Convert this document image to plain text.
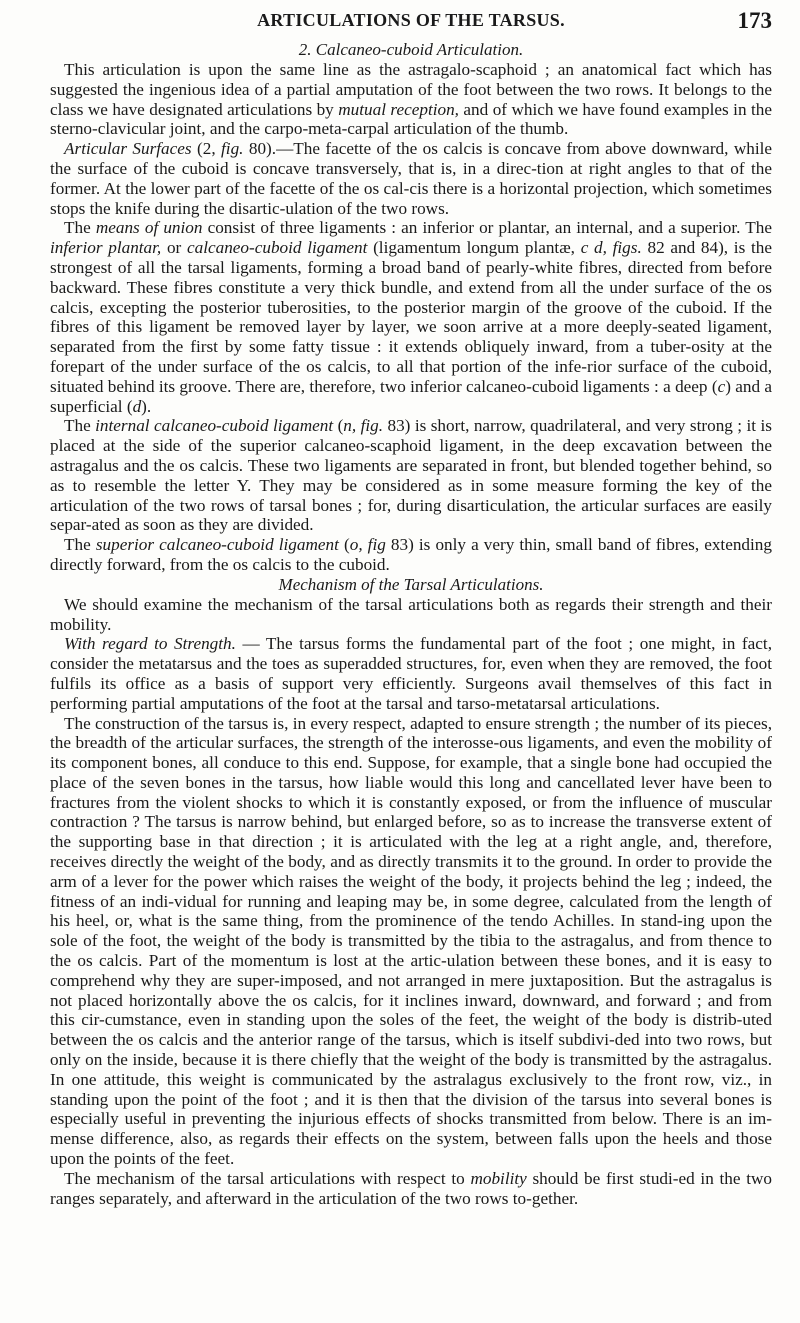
ARTICULATIONS OF THE TARSUS.	173
2. Calcaneo-cuboid Articulation.

This articulation is upon the same line as the astragalo-scaphoid ; an anatomical fact which has suggested the ingenious idea of a partial amputation of the foot between the two rows. It belongs to the class we have designated articulations by mutual reception, and of which we have found examples in the sterno-clavicular joint, and the carpo-meta-carpal articulation of the thumb.

Articular Surfaces (2, fig. 80).—The facette of the os calcis is concave from above downward, while the surface of the cuboid is concave transversely, that is, in a direc-tion at right angles to that of the former. At the lower part of the facette of the os cal-cis there is a horizontal projection, which sometimes stops the knife during the disartic-ulation of the two rows.

The means of union consist of three ligaments : an inferior or plantar, an internal, and a superior. The inferior plantar, or calcaneo-cuboid ligament (ligamentum longum plantæ, c d, figs. 82 and 84), is the strongest of all the tarsal ligaments, forming a broad band of pearly-white fibres, directed from before backward. These fibres constitute a very thick bundle, and extend from all the under surface of the os calcis, excepting the posterior tuberosities, to the posterior margin of the groove of the cuboid. If the fibres of this ligament be removed layer by layer, we soon arrive at a more deeply-seated ligament, separated from the first by some fatty tissue : it extends obliquely inward, from a tuber-osity at the forepart of the under surface of the os calcis, to all that portion of the infe-rior surface of the cuboid, situated behind its groove. There are, therefore, two inferior calcaneo-cuboid ligaments : a deep (c) and a superficial (d).

The internal calcaneo-cuboid ligament (n, fig. 83) is short, narrow, quadrilateral, and very strong ; it is placed at the side of the superior calcaneo-scaphoid ligament, in the deep excavation between the astragalus and the os calcis. These two ligaments are separated in front, but blended together behind, so as to resemble the letter Y. They may be considered as in some measure forming the key of the articulation of the two rows of tarsal bones ; for, during disarticulation, the articular surfaces are easily separ-ated as soon as they are divided.

The superior calcaneo-cuboid ligament (o, fig 83) is only a very thin, small band of fibres, extending directly forward, from the os calcis to the cuboid.

Mechanism of the Tarsal Articulations.

We should examine the mechanism of the tarsal articulations both as regards their strength and their mobility.

With regard to Strength. — The tarsus forms the fundamental part of the foot ; one might, in fact, consider the metatarsus and the toes as superadded structures, for, even when they are removed, the foot fulfils its office as a basis of support very efficiently. Surgeons avail themselves of this fact in performing partial amputations of the foot at the tarsal and tarso-metatarsal articulations.

The construction of the tarsus is, in every respect, adapted to ensure strength ; the number of its pieces, the breadth of the articular surfaces, the strength of the interosse-ous ligaments, and even the mobility of its component bones, all conduce to this end. Suppose, for example, that a single bone had occupied the place of the seven bones in the tarsus, how liable would this long and cancellated lever have been to fractures from the violent shocks to which it is constantly exposed, or from the influence of muscular contraction ? The tarsus is narrow behind, but enlarged before, so as to increase the transverse extent of the supporting base in that direction ; it is articulated with the leg at a right angle, and, therefore, receives directly the weight of the body, and as directly transmits it to the ground. In order to provide the arm of a lever for the power which raises the weight of the body, it projects behind the leg ; indeed, the fitness of an indi-vidual for running and leaping may be, in some degree, calculated from the length of his heel, or, what is the same thing, from the prominence of the tendo Achilles. In stand-ing upon the sole of the foot, the weight of the body is transmitted by the tibia to the astragalus, and from thence to the os calcis. Part of the momentum is lost at the artic-ulation between these bones, and it is easy to comprehend why they are super-imposed, and not arranged in mere juxtaposition. But the astragalus is not placed horizontally above the os calcis, for it inclines inward, downward, and forward ; and from this cir-cumstance, even in standing upon the soles of the feet, the weight of the body is distrib-uted between the os calcis and the anterior range of the tarsus, which is itself subdivi-ded into two rows, but only on the inside, because it is there chiefly that the weight of the body is transmitted by the astragalus. In one attitude, this weight is communicated by the astralagus exclusively to the front row, viz., in standing upon the point of the foot ; and it is then that the division of the tarsus into several bones is especially useful in preventing the injurious effects of shocks transmitted from below. There is an im-mense difference, also, as regards their effects on the system, between falls upon the heels and those upon the points of the feet.

The mechanism of the tarsal articulations with respect to mobility should be first studi-ed in the two ranges separately, and afterward in the articulation of the two rows to-gether.
